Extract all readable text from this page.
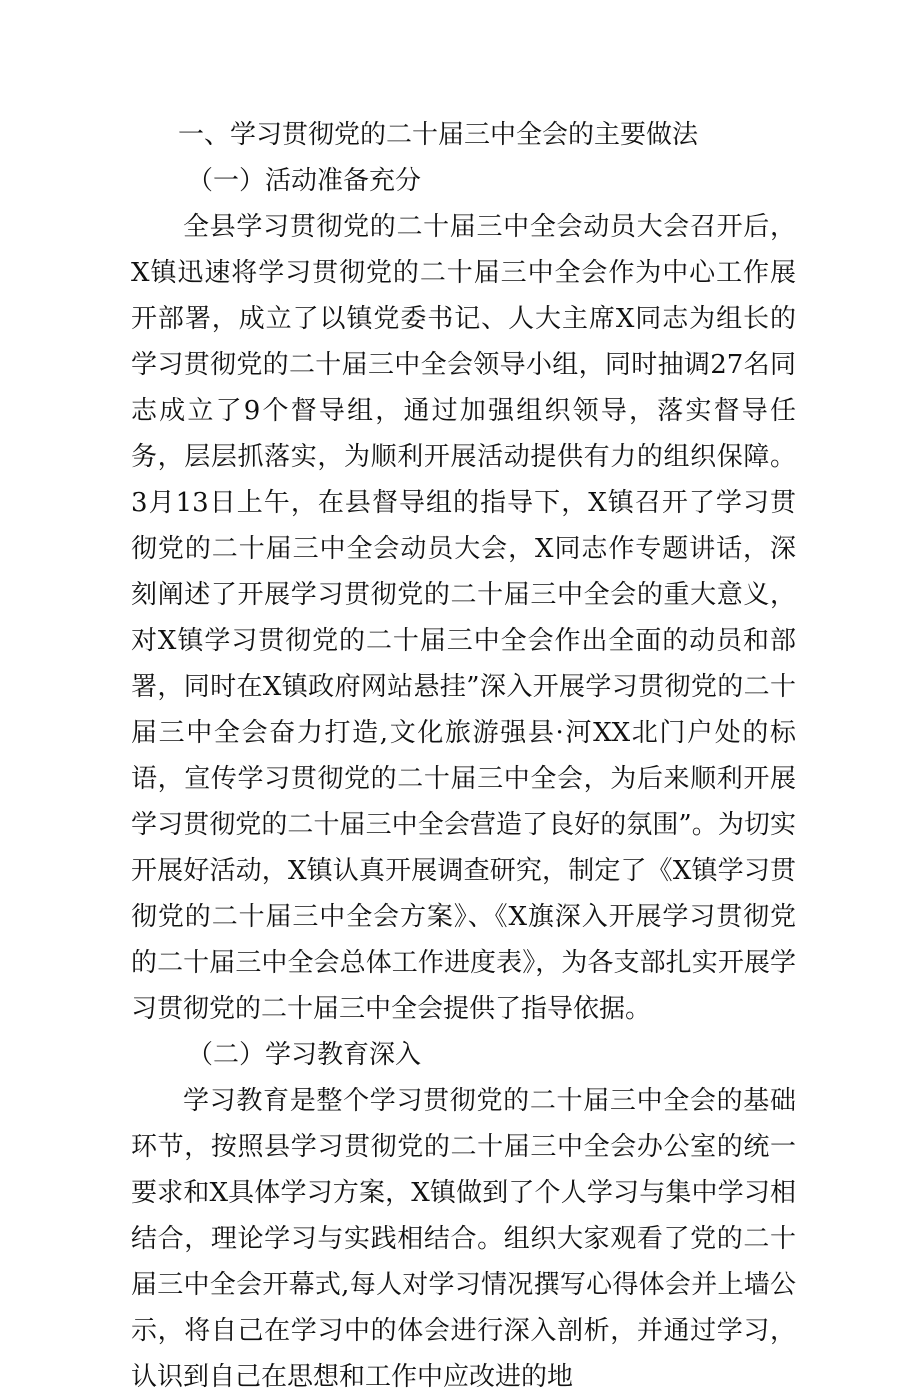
一、学习贯彻党的二十届三中全会的主要做法

（一）活动准备充分

全县学习贯彻党的二十届三中全会动员大会召开后，X镇迅速将学习贯彻党的二十届三中全会作为中心工作展开部署，成立了以镇党委书记、人大主席X同志为组长的学习贯彻党的二十届三中全会领导小组，同时抽调27名同志成立了9个督导组，通过加强组织领导，落实督导任务，层层抓落实，为顺利开展活动提供有力的组织保障。3月13日上午，在县督导组的指导下，X镇召开了学习贯彻党的二十届三中全会动员大会，X同志作专题讲话，深刻阐述了开展学习贯彻党的二十届三中全会的重大意义，对X镇学习贯彻党的二十届三中全会作出全面的动员和部署，同时在X镇政府网站悬挂”深入开展学习贯彻党的二十届三中全会奋力打造,文化旅游强县·河XX北门户处的标语，宣传学习贯彻党的二十届三中全会，为后来顺利开展学习贯彻党的二十届三中全会营造了良好的氛围”。为切实开展好活动，X镇认真开展调查研究，制定了《X镇学习贯彻党的二十届三中全会方案》、《X旗深入开展学习贯彻党的二十届三中全会总体工作进度表》，为各支部扎实开展学习贯彻党的二十届三中全会提供了指导依据。

（二）学习教育深入

学习教育是整个学习贯彻党的二十届三中全会的基础环节，按照县学习贯彻党的二十届三中全会办公室的统一要求和X具体学习方案，X镇做到了个人学习与集中学习相结合，理论学习与实践相结合。组织大家观看了党的二十届三中全会开幕式,每人对学习情况撰写心得体会并上墙公示，将自己在学习中的体会进行深入剖析，并通过学习，认识到自己在思想和工作中应改进的地
